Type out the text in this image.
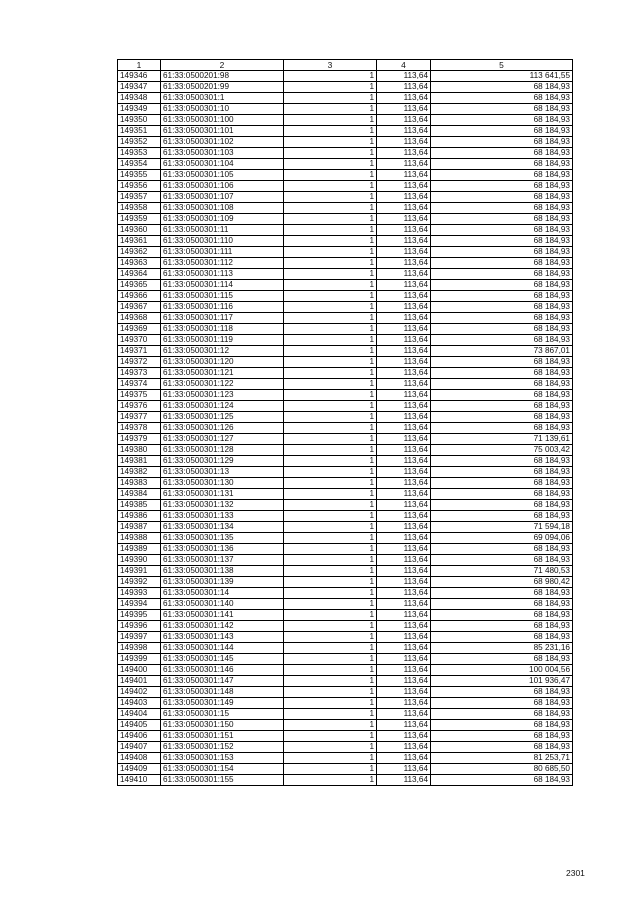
1	2	3	4	5
149346	61:33:0500201:98	1	113,64	113 641,55
149347	61:33:0500201:99	1	113,64	68 184,93
149348	61:33:0500301:1	1	113,64	68 184,93
149349	61:33:0500301:10	1	113,64	68 184,93
149350	61:33:0500301:100	1	113,64	68 184,93
149351	61:33:0500301:101	1	113,64	68 184,93
149352	61:33:0500301:102	1	113,64	68 184,93
149353	61:33:0500301:103	1	113,64	68 184,93
149354	61:33:0500301:104	1	113,64	68 184,93
149355	61:33:0500301:105	1	113,64	68 184,93
149356	61:33:0500301:106	1	113,64	68 184,93
149357	61:33:0500301:107	1	113,64	68 184,93
149358	61:33:0500301:108	1	113,64	68 184,93
149359	61:33:0500301:109	1	113,64	68 184,93
149360	61:33:0500301:11	1	113,64	68 184,93
149361	61:33:0500301:110	1	113,64	68 184,93
149362	61:33:0500301:111	1	113,64	68 184,93
149363	61:33:0500301:112	1	113,64	68 184,93
149364	61:33:0500301:113	1	113,64	68 184,93
149365	61:33:0500301:114	1	113,64	68 184,93
149366	61:33:0500301:115	1	113,64	68 184,93
149367	61:33:0500301:116	1	113,64	68 184,93
149368	61:33:0500301:117	1	113,64	68 184,93
149369	61:33:0500301:118	1	113,64	68 184,93
149370	61:33:0500301:119	1	113,64	68 184,93
149371	61:33:0500301:12	1	113,64	73 867,01
149372	61:33:0500301:120	1	113,64	68 184,93
149373	61:33:0500301:121	1	113,64	68 184,93
149374	61:33:0500301:122	1	113,64	68 184,93
149375	61:33:0500301:123	1	113,64	68 184,93
149376	61:33:0500301:124	1	113,64	68 184,93
149377	61:33:0500301:125	1	113,64	68 184,93
149378	61:33:0500301:126	1	113,64	68 184,93
149379	61:33:0500301:127	1	113,64	71 139,61
149380	61:33:0500301:128	1	113,64	75 003,42
149381	61:33:0500301:129	1	113,64	68 184,93
149382	61:33:0500301:13	1	113,64	68 184,93
149383	61:33:0500301:130	1	113,64	68 184,93
149384	61:33:0500301:131	1	113,64	68 184,93
149385	61:33:0500301:132	1	113,64	68 184,93
149386	61:33:0500301:133	1	113,64	68 184,93
149387	61:33:0500301:134	1	113,64	71 594,18
149388	61:33:0500301:135	1	113,64	69 094,06
149389	61:33:0500301:136	1	113,64	68 184,93
149390	61:33:0500301:137	1	113,64	68 184,93
149391	61:33:0500301:138	1	113,64	71 480,53
149392	61:33:0500301:139	1	113,64	68 980,42
149393	61:33:0500301:14	1	113,64	68 184,93
149394	61:33:0500301:140	1	113,64	68 184,93
149395	61:33:0500301:141	1	113,64	68 184,93
149396	61:33:0500301:142	1	113,64	68 184,93
149397	61:33:0500301:143	1	113,64	68 184,93
149398	61:33:0500301:144	1	113,64	85 231,16
149399	61:33:0500301:145	1	113,64	68 184,93
149400	61:33:0500301:146	1	113,64	100 004,56
149401	61:33:0500301:147	1	113,64	101 936,47
149402	61:33:0500301:148	1	113,64	68 184,93
149403	61:33:0500301:149	1	113,64	68 184,93
149404	61:33:0500301:15	1	113,64	68 184,93
149405	61:33:0500301:150	1	113,64	68 184,93
149406	61:33:0500301:151	1	113,64	68 184,93
149407	61:33:0500301:152	1	113,64	68 184,93
149408	61:33:0500301:153	1	113,64	81 253,71
149409	61:33:0500301:154	1	113,64	80 685,50
149410	61:33:0500301:155	1	113,64	68 184,93
2301
